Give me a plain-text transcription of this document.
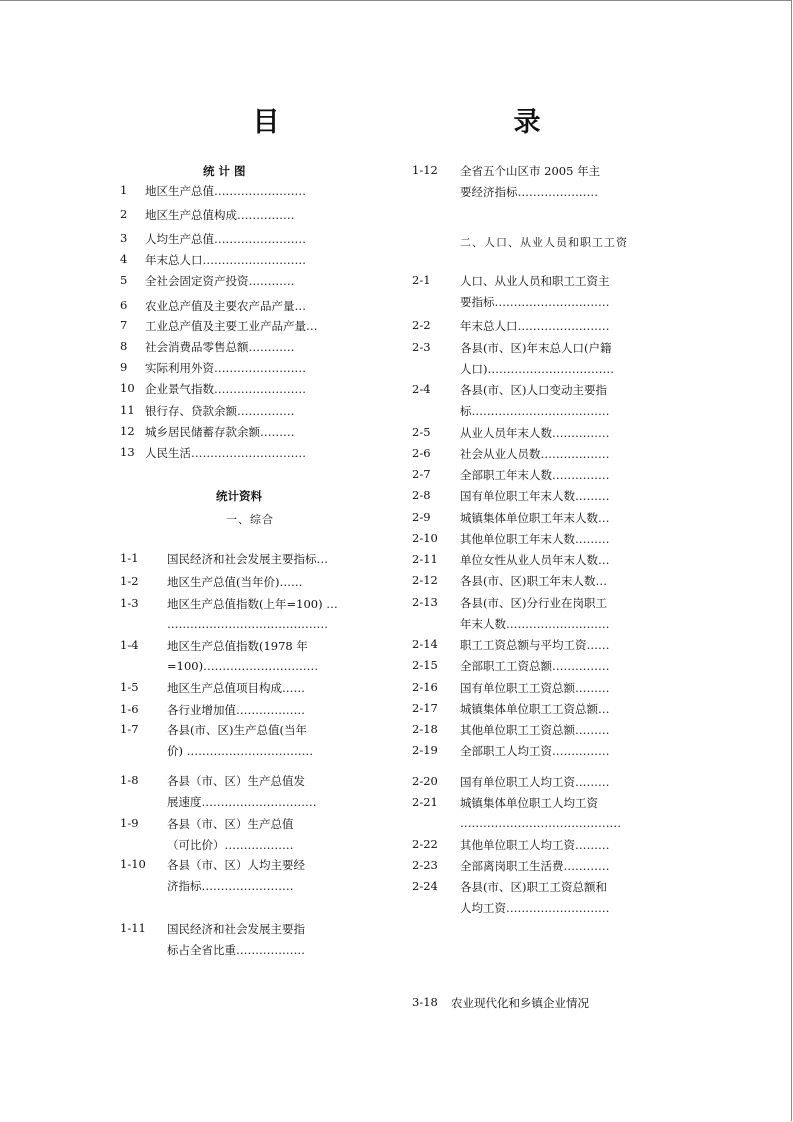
目　　录
统 计 图
1 地区生产总值……………………
2 地区生产总值构成……………
3 人均生产总值……………………
4 年末总人口………………………
5 全社会固定资产投资…………
6 农业总产值及主要农产品产量…
7 工业总产值及主要工业产品产量…
8 社会消费品零售总额…………
9 实际利用外资……………………
10 企业景气指数……………………
11 银行存、贷款余额……………
12 城乡居民储蓄存款余额………
13 人民生活…………………………
统计资料
一、综合
1-1 国民经济和社会发展主要指标…
1-2 地区生产总值(当年价)……
1-3 地区生产总值指数(上年=100) …
……………………………………
1-4 地区生产总值指数(1978 年
=100)…………………………
1-5 地区生产总值项目构成……
1-6 各行业增加值………………
1-7 各县(市、区)生产总值(当年
价) ……………………………
1-8 各县（市、区）生产总值发
展速度…………………………
1-9 各县（市、区）生产总值
（可比价）………………
1-10 各县（市、区）人均主要经
济指标……………………
1-11 国民经济和社会发展主要指
标占全省比重………………
1-12 全省五个山区市 2005 年主
要经济指标…………………
二、人口、从业人员和职工工资
2-1	人口、从业人员和职工工资主
要指标…………………………
2-2	年末总人口……………………
2-3	各县(市、区)年末总人口(户籍
人口)……………………………
2-4	各县(市、区)人口变动主要指
标………………………………
2-5	从业人员年末人数……………
2-6	社会从业人员数………………
2-7	全部职工年末人数……………
2-8	国有单位职工年末人数………
2-9	城镇集体单位职工年末人数…
2-10 其他单位职工年末人数………
2-11 单位女性从业人员年末人数…
2-12 各县(市、区)职工年末人数…
2-13 各县(市、区)分行业在岗职工
年末人数………………………
2-14 职工工资总额与平均工资……
2-15 全部职工工资总额……………
2-16 国有单位职工工资总额………
2-17 城镇集体单位职工工资总额…
2-18 其他单位职工工资总额………
2-19 全部职工人均工资……………
2-20 国有单位职工人均工资………
2-21 城镇集体单位职工人均工资
……………………………………
2-22 其他单位职工人均工资………
2-23 全部离岗职工生活费…………
2-24 各县(市、区)职工工资总额和
人均工资………………………
3-18 农业现代化和乡镇企业情况
